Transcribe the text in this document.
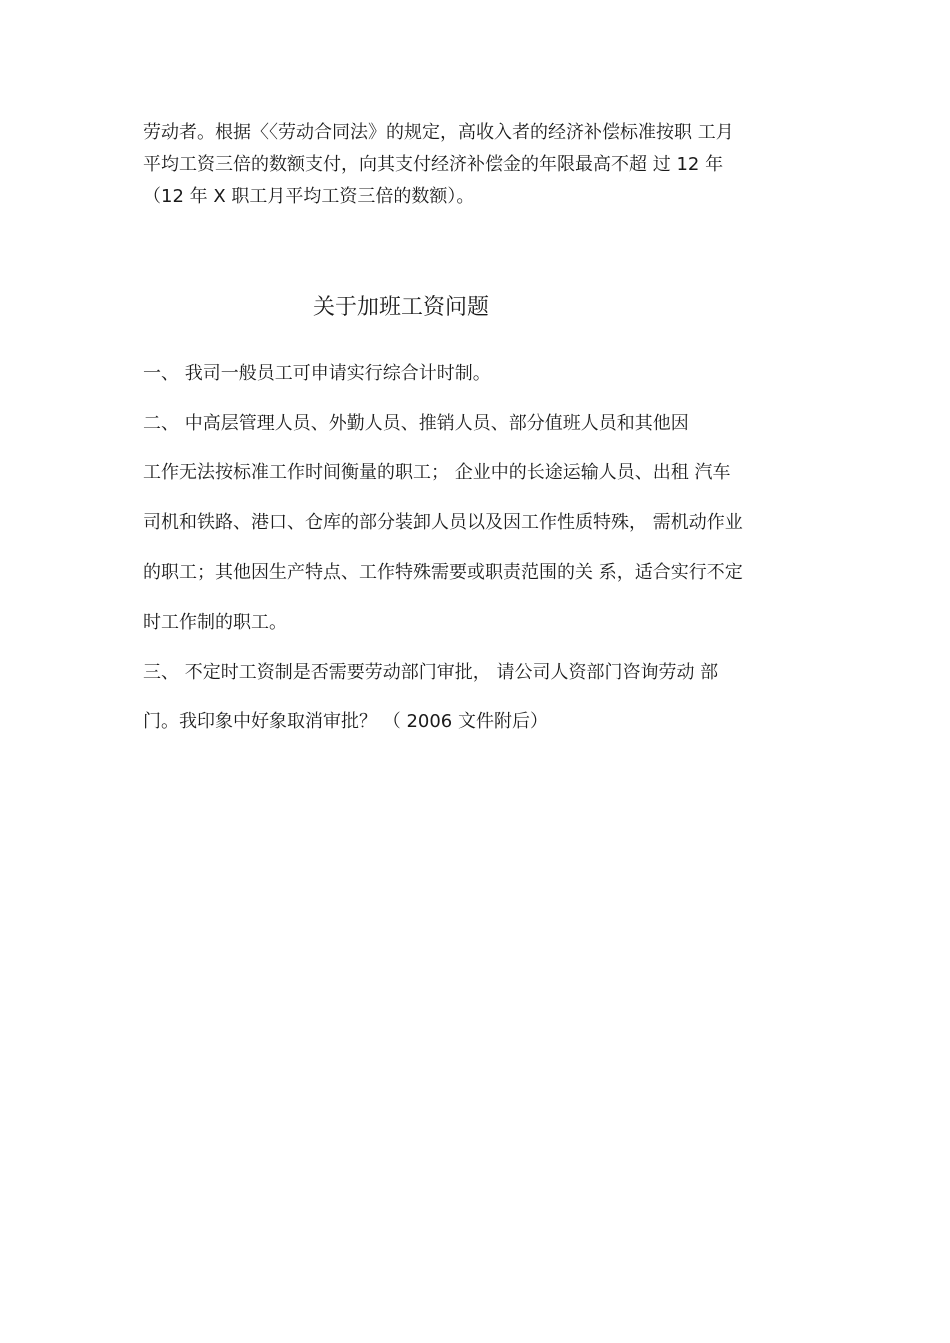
劳动者。根据〈〈劳动合同法》的规定，高收入者的经济补偿标准按职 工月
平均工资三倍的数额支付，向其支付经济补偿金的年限最高不超 过 12 年
（12 年 X 职工月平均工资三倍的数额）。
关于加班工资问题
一、 我司一般员工可申请实行综合计时制。
二、 中高层管理人员、外勤人员、推销人员、部分值班人员和其他因
工作无法按标准工作时间衡量的职工； 企业中的长途运输人员、出租 汽车
司机和铁路、港口、仓库的部分装卸人员以及因工作性质特殊， 需机动作业
的职工；其他因生产特点、工作特殊需要或职责范围的关 系，适合实行不定
时工作制的职工。
三、 不定时工资制是否需要劳动部门审批， 请公司人资部门咨询劳动 部
门。我印象中好象取消审批？ （ 2006 文件附后）
